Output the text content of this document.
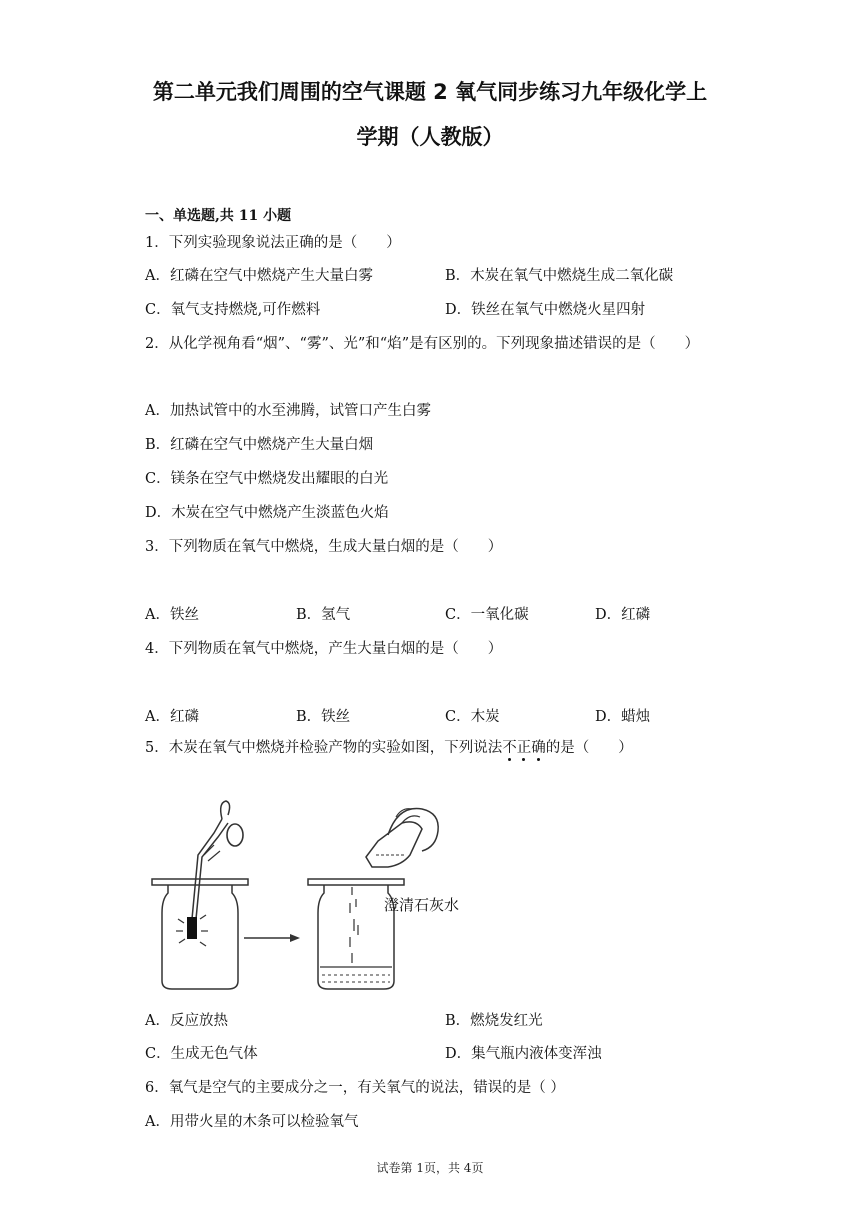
第二单元我们周围的空气课题 2 氧气同步练习九年级化学上
学期（人教版）
一、单选题,共 11 小题
1．下列实验现象说法正确的是（　　）
A．红磷在空气中燃烧产生大量白雾	B．木炭在氧气中燃烧生成二氧化碳
C．氧气支持燃烧,可作燃料	D．铁丝在氧气中燃烧火星四射
2．从化学视角看“烟”、“雾”、光”和“焰”是有区别的。下列现象描述错误的是（　　）
A．加热试管中的水至沸腾，试管口产生白雾
B．红磷在空气中燃烧产生大量白烟
C．镁条在空气中燃烧发出耀眼的白光
D．木炭在空气中燃烧产生淡蓝色火焰
3．下列物质在氧气中燃烧，生成大量白烟的是（　　）
A．铁丝	B．氢气	C．一氧化碳	D．红磷
4．下列物质在氧气中燃烧，产生大量白烟的是（　　）
A．红磷	B．铁丝	C．木炭	D．蜡烛
5．木炭在氧气中燃烧并检验产物的实验如图，下列说法不正确的是（　　）
澄清石灰水
A．反应放热	B．燃烧发红光
C．生成无色气体	D．集气瓶内液体变浑浊
6．氧气是空气的主要成分之一，有关氧气的说法，错误的是（ ）
A．用带火星的木条可以检验氧气
试卷第 1页，共 4页
